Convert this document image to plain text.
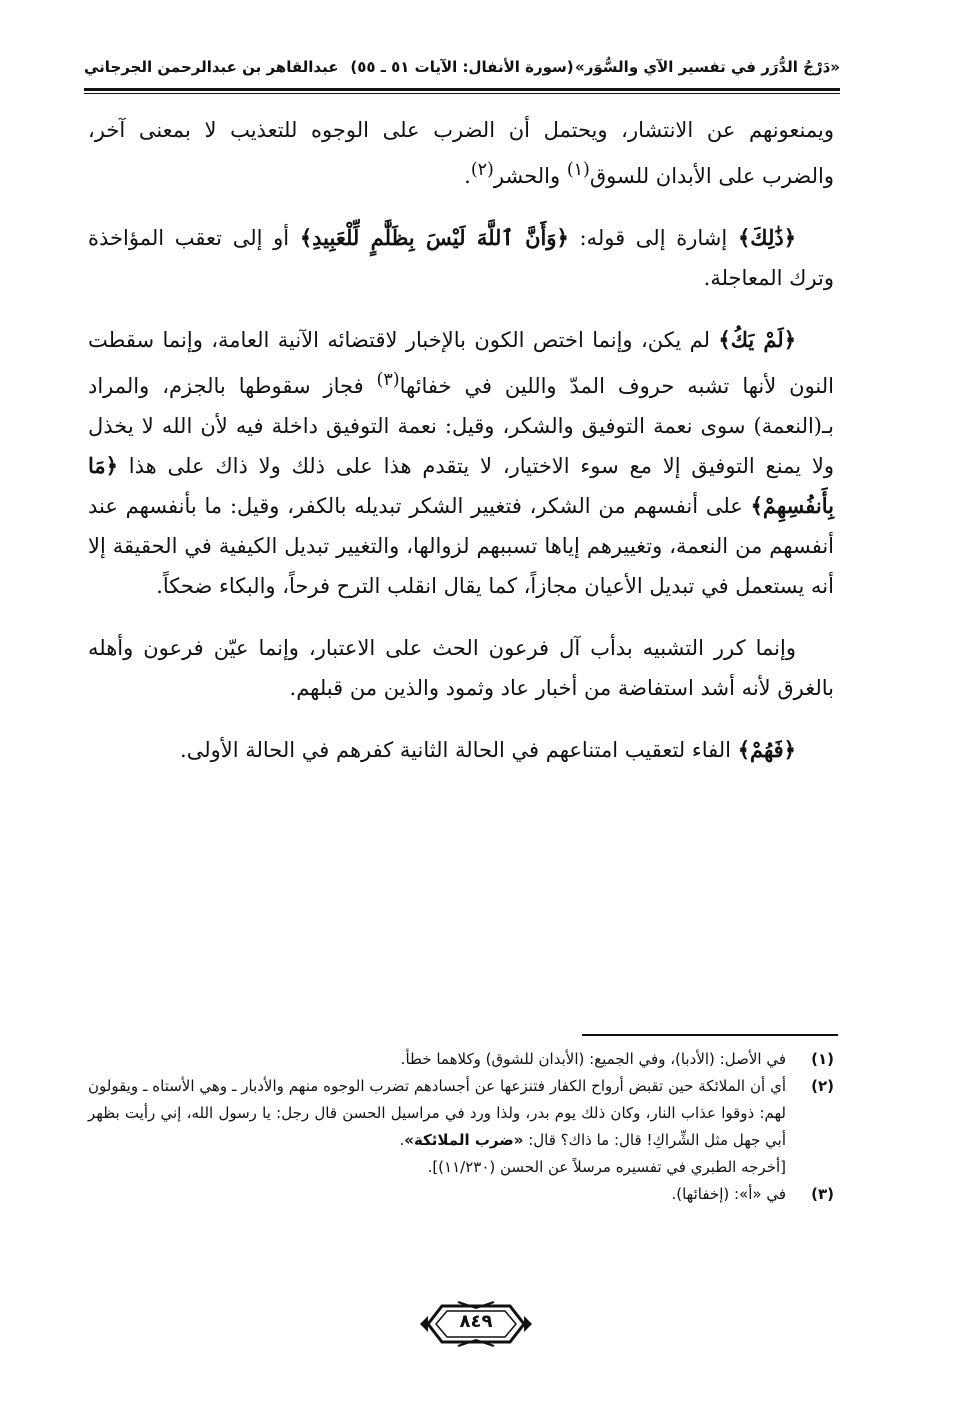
«دَرْجُ الدُّرَر في تفسير الآي والسُّوَر»
(سورة الأنفال: الآيات ٥١ ـ ٥٥)
عبدالقاهر بن عبدالرحمن الجرجاني

ويمنعونهم عن الانتشار، ويحتمل أن الضرب على الوجوه للتعذيب لا بمعنى آخر، والضرب على الأبدان للسوق$^{(١)}$ والحشر$^{(٢)}$.

﴿ذَٰلِكَ﴾ إشارة إلى قوله: ﴿وَأَنَّ ٱللَّهَ لَيْسَ بِظَلَّٰمٍ لِّلْعَبِيدِ﴾ أو إلى تعقب المؤاخذة وترك المعاجلة.

﴿لَمْ يَكُ﴾ لم يكن، وإنما اختص الكون بالإخبار لاقتضائه الآنية العامة، وإنما سقطت النون لأنها تشبه حروف المدّ واللين في خفائها$^{(٣)}$ فجاز سقوطها بالجزم، والمراد بـ(النعمة) سوى نعمة التوفيق والشكر، وقيل: نعمة التوفيق داخلة فيه لأن الله لا يخذل ولا يمنع التوفيق إلا مع سوء الاختيار، لا يتقدم هذا على ذلك ولا ذاك على هذا ﴿مَا بِأَنفُسِهِمْ﴾ على أنفسهم من الشكر، فتغيير الشكر تبديله بالكفر، وقيل: ما بأنفسهم عند أنفسهم من النعمة، وتغييرهم إياها تسببهم لزوالها، والتغيير تبديل الكيفية في الحقيقة إلا أنه يستعمل في تبديل الأعيان مجازاً، كما يقال انقلب الترح فرحاً، والبكاء ضحكاً.

وإنما كرر التشبيه بدأب آل فرعون الحث على الاعتبار، وإنما عيّن فرعون وأهله بالغرق لأنه أشد استفاضة من أخبار عاد وثمود والذين من قبلهم.

﴿فَهُمْ﴾ الفاء لتعقيب امتناعهم في الحالة الثانية كفرهم في الحالة الأولى.

(١)
في الأصل: (الأدبا)، وفي الجميع: (الأبدان للشوق) وكلاهما خطأ.
(٢)
أي أن الملائكة حين تقبض أرواح الكفار فتنزعها عن أجسادهم تضرب الوجوه منهم والأدبار ـ وهي الأستاه ـ ويقولون لهم: ذوقوا عذاب النار، وكان ذلك يوم بدر، ولذا ورد في مراسيل الحسن قال رجل: يا رسول الله، إني رأيت بظهر أبي جهل مثل الشِّراكِ! قال: ما ذاك؟ قال: «ضرب الملائكة».
[أخرجه الطبري في تفسيره مرسلاً عن الحسن (١١/٢٣٠)].
(٣)
في «أ»: (إخفائها).
٨٤٩
